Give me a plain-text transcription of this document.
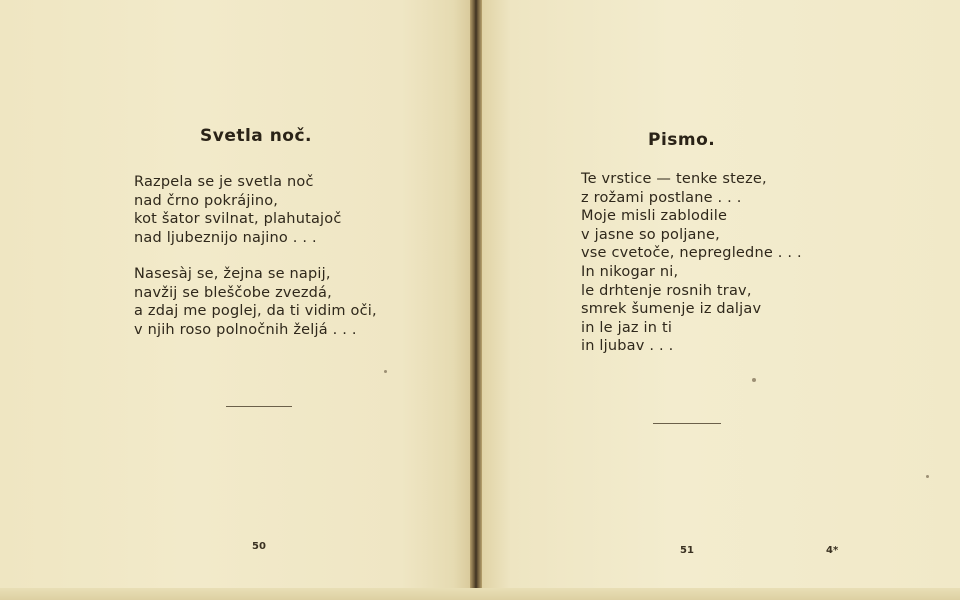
Svetla noč.
Razpela se je svetla noč
nad črno pokrájino,
kot šator svilnat, plahutajoč
nad ljubeznijo najino . . .
Nasesàj se, žejna se napij,
navžij se bleščobe zvezdá,
a zdaj me poglej, da ti vidim oči,
v njih roso polnočnih željá . . .
50
Pismo.
Te vrstice — tenke steze,
z rožami postlane . . .
Moje misli zablodile
v jasne so poljane,
vse cvetoče, nepregledne . . .
In nikogar ni,
le drhtenje rosnih trav,
smrek šumenje iz daljav
in le jaz in ti
in ljubav . . .
51	4*
